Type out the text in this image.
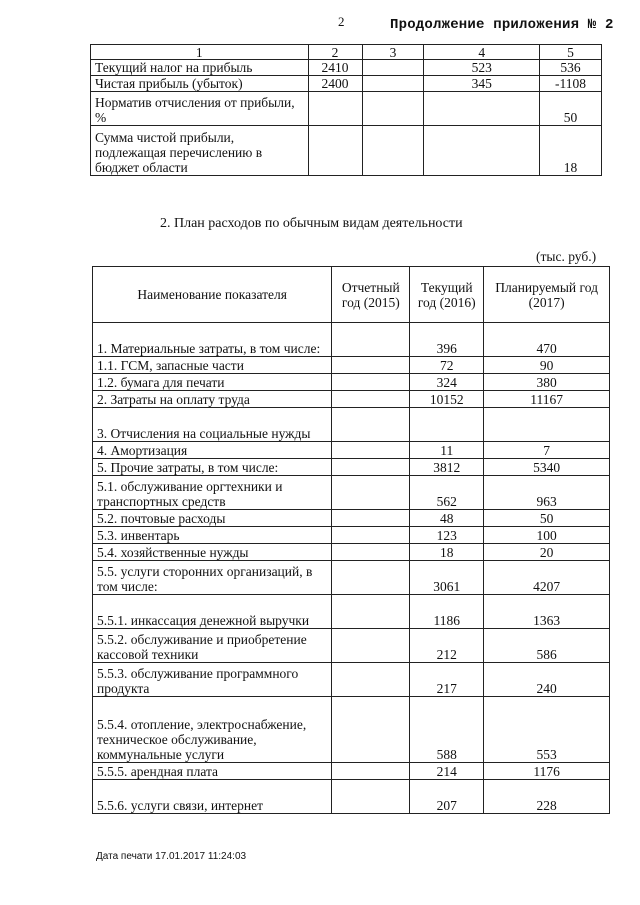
2	Продолжение приложения № 2
1	2	3	4	5
Текущий налог на прибыль	2410		523	536
Чистая прибыль (убыток)	2400		345	-1108
Норматив отчисления от прибыли, %				50
Сумма чистой прибыли, подлежащая перечислению в бюджет области				18
2. План расходов по обычным видам деятельности
(тыс. руб.)
Наименование показателя	Отчетный год (2015)	Текущий год (2016)	Планируемый год (2017)
1. Материальные затраты, в том числе:		396	470
1.1. ГСМ, запасные части		72	90
1.2. бумага для печати		324	380
2. Затраты на оплату труда		10152	11167
3. Отчисления на социальные нужды			
4. Амортизация		11	7
5. Прочие затраты, в том числе:		3812	5340
5.1. обслуживание оргтехники и транспортных средств		562	963
5.2. почтовые расходы		48	50
5.3. инвентарь		123	100
5.4. хозяйственные нужды		18	20
5.5. услуги сторонних организаций, в том числе:		3061	4207
5.5.1. инкассация денежной выручки		1186	1363
5.5.2. обслуживание и приобретение кассовой техники		212	586
5.5.3. обслуживание программного продукта		217	240
5.5.4. отопление, электроснабжение, техническое обслуживание, коммунальные услуги		588	553
5.5.5. арендная плата		214	1176
5.5.6. услуги связи, интернет		207	228
Дата печати 17.01.2017 11:24:03
